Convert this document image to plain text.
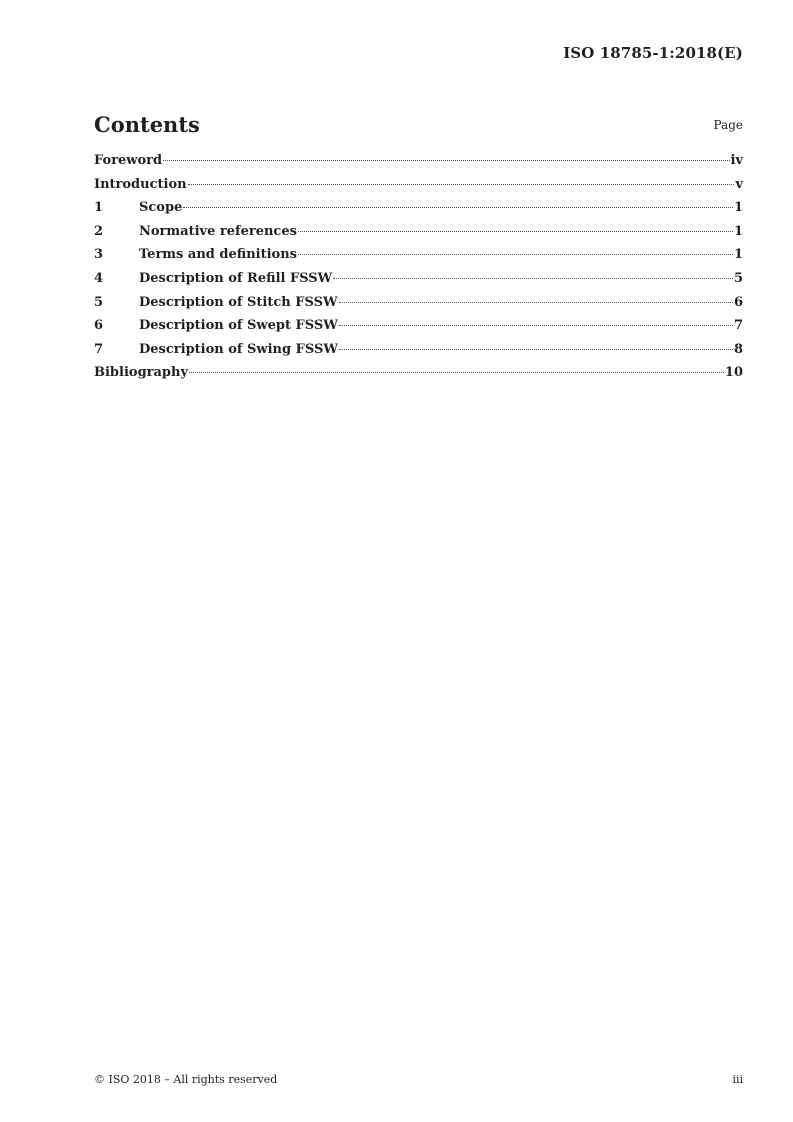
ISO 18785-1:2018(E)
Contents	Page
Foreword	iv
Introduction	v
1	Scope	1
2	Normative references	1
3	Terms and definitions	1
4	Description of Refill FSSW	5
5	Description of Stitch FSSW	6
6	Description of Swept FSSW	7
7	Description of Swing FSSW	8
Bibliography	10
© ISO 2018 – All rights reserved	iii
